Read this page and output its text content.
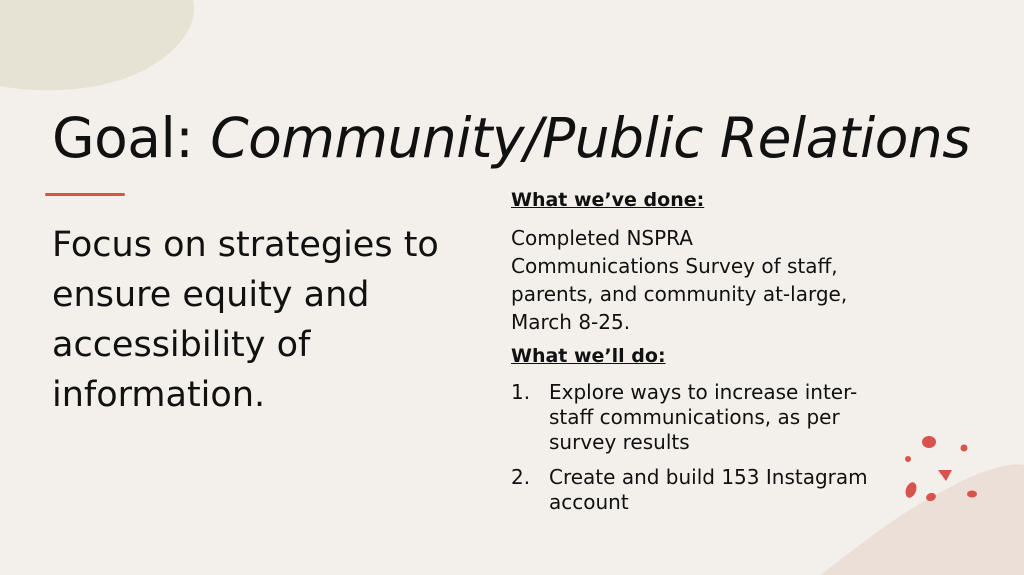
Goal: Community/Public Relations

Focus on strategies to ensure equity and accessibility of information.

What we’ve done:

Completed NSPRA
Communications Survey of staff,
parents, and community at-large,
March 8-25.

What we’ll do:
1. Explore ways to increase inter-
staff communications, as per
survey results
2. Create and build 153 Instagram
account
